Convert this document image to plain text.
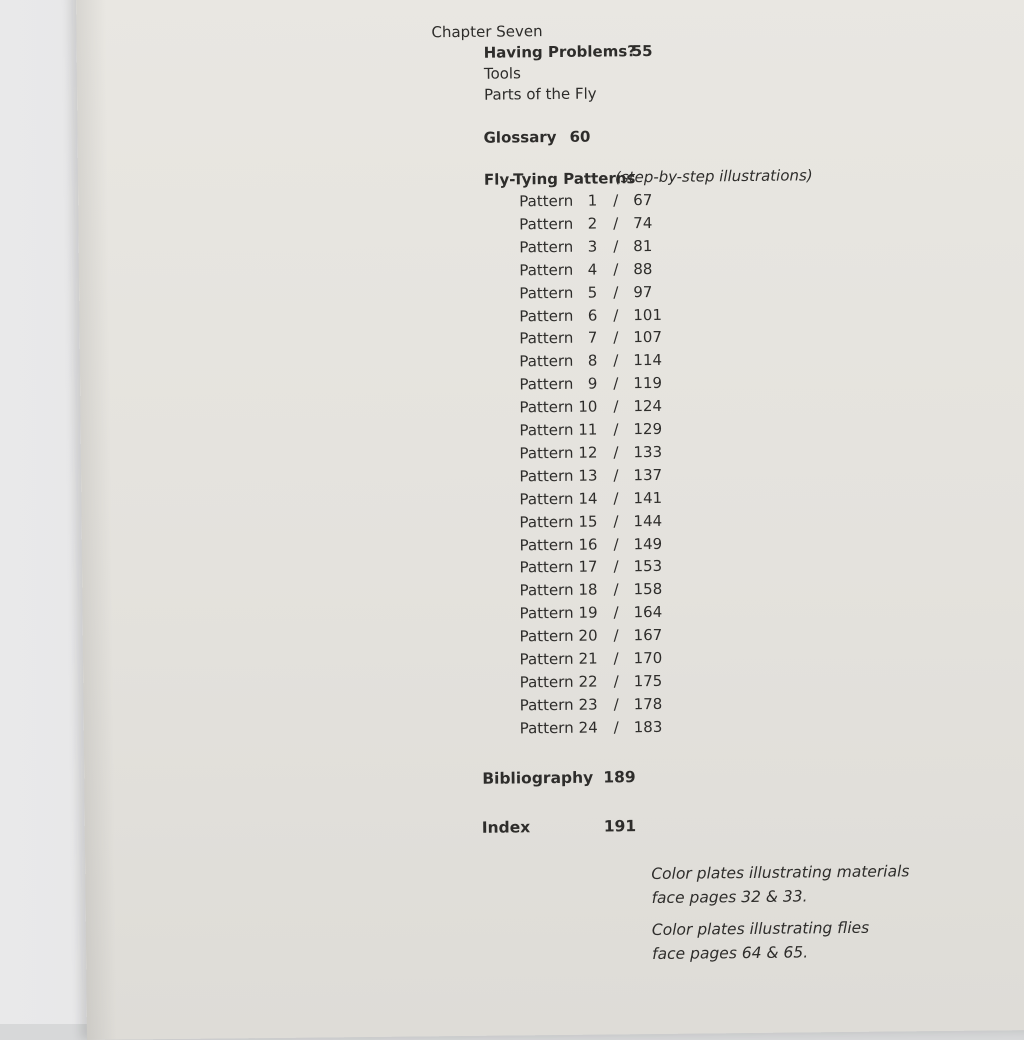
Chapter Seven
Having Problems?
55
Tools
Parts of the Fly
Glossary 60
Fly-Tying Patterns
(step-by-step illustrations)
Pattern 1 / 67
Pattern 2 / 74
Pattern 3 / 81
Pattern 4 / 88
Pattern 5 / 97
Pattern 6 / 101
Pattern 7 / 107
Pattern 8 / 114
Pattern 9 / 119
Pattern 10 / 124
Pattern 11 / 129
Pattern 12 / 133
Pattern 13 / 137
Pattern 14 / 141
Pattern 15 / 144
Pattern 16 / 149
Pattern 17 / 153
Pattern 18 / 158
Pattern 19 / 164
Pattern 20 / 167
Pattern 21 / 170
Pattern 22 / 175
Pattern 23 / 178
Pattern 24 / 183
Bibliography 189
Index	191
Color plates illustrating materials
face pages 32 & 33.
Color plates illustrating flies
face pages 64 & 65.
